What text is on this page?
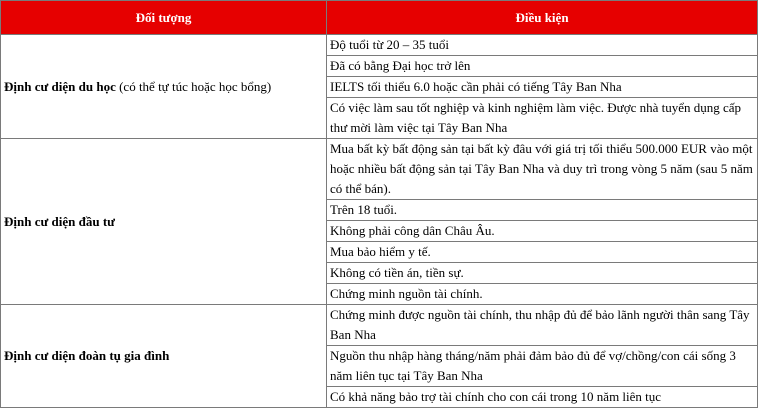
Đối tượng	Điều kiện
Định cư diện du học (có thể tự túc hoặc học bổng)	Độ tuổi từ 20 – 35 tuổi
	Đã có bằng Đại học trở lên
	IELTS tối thiểu 6.0 hoặc cần phải có tiếng Tây Ban Nha
	Có việc làm sau tốt nghiệp và kinh nghiệm làm việc. Được nhà tuyển dụng cấp thư mời làm việc tại Tây Ban Nha
Định cư diện đầu tư	Mua bất kỳ bất động sản tại bất kỳ đâu với giá trị tối thiểu 500.000 EUR vào một hoặc nhiều bất động sản tại Tây Ban Nha và duy trì trong vòng 5 năm (sau 5 năm có thể bán).
	Trên 18 tuổi.
	Không phải công dân Châu Âu.
	Mua bảo hiểm y tế.
	Không có tiền án, tiền sự.
	Chứng minh nguồn tài chính.
Định cư diện đoàn tụ gia đình	Chứng minh được nguồn tài chính, thu nhập đủ để bảo lãnh người thân sang Tây Ban Nha
	Nguồn thu nhập hàng tháng/năm phải đảm bảo đủ để vợ/chồng/con cái sống 3 năm liên tục tại Tây Ban Nha
	Có khả năng bảo trợ tài chính cho con cái trong 10 năm liên tục
